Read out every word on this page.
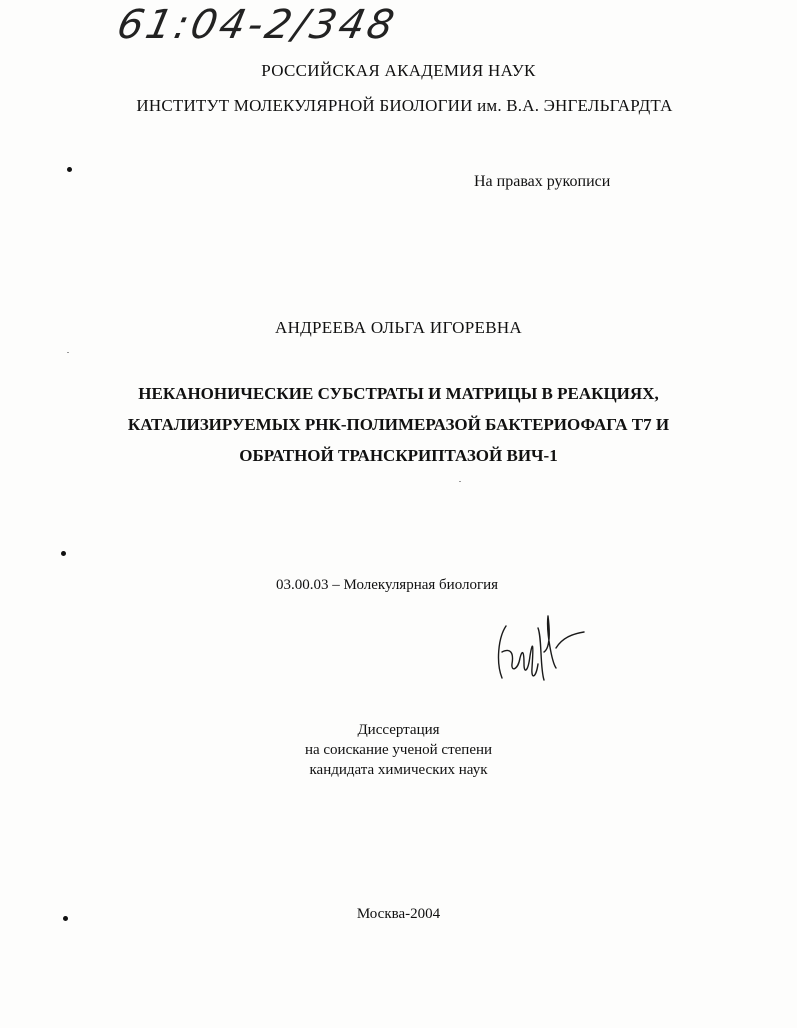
61:04-2/348
РОССИЙСКАЯ АКАДЕМИЯ НАУК
ИНСТИТУТ МОЛЕКУЛЯРНОЙ БИОЛОГИИ им. В.А. ЭНГЕЛЬГАРДТА
На правах рукописи
АНДРЕЕВА ОЛЬГА ИГОРЕВНА
НЕКАНОНИЧЕСКИЕ СУБСТРАТЫ И МАТРИЦЫ В РЕАКЦИЯХ,
КАТАЛИЗИРУЕМЫХ РНК-ПОЛИМЕРАЗОЙ БАКТЕРИОФАГА Т7 И
ОБРАТНОЙ ТРАНСКРИПТАЗОЙ ВИЧ-1
03.00.03 – Молекулярная биология
Диссертация
на соискание ученой степени
кандидата химических наук
Москва-2004
